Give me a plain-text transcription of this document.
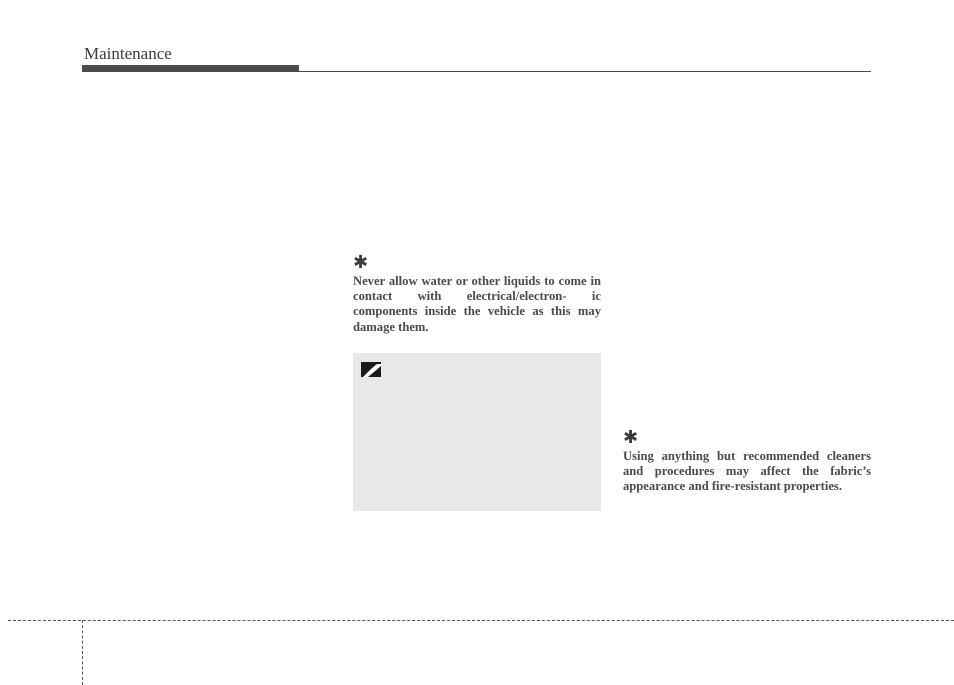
Maintenance
✱
Never allow water or other liquids to come in contact with electrical/electron- ic components inside the vehicle as this may damage them.
✱
Using anything but recommended cleaners and procedures may affect the fabric’s appearance and fire-resistant properties.
